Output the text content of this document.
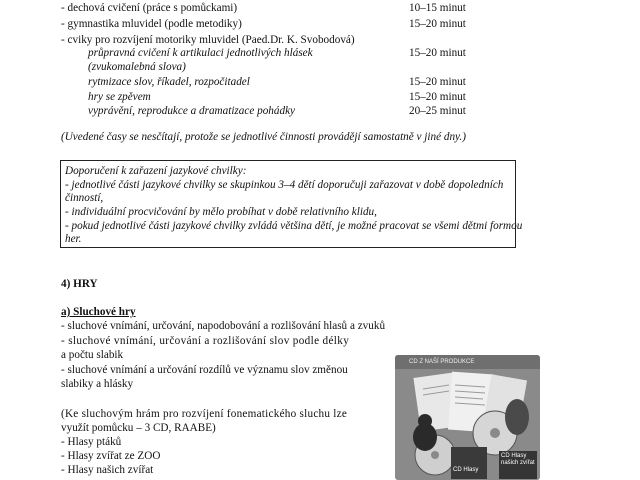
- dechová cvičení (práce s pomůckami)	10–15 minut
- gymnastika mluvidel (podle metodiky)	15–20 minut
- cviky pro rozvíjení motoriky mluvidel (Paed.Dr. K. Svobodová)
průpravná cvičení k artikulaci jednotlivých hlásek	15–20 minut
(zvukomalebná slova)
rytmizace slov, říkadel, rozpočitadel	15–20 minut
hry se zpěvem	15–20 minut
vyprávění, reprodukce a dramatizace pohádky	20–25 minut
(Uvedené časy se nesčítají, protože se jednotlivé činnosti provádějí samostatně v jiné dny.)
Doporučení k zařazení jazykové chvilky:
- jednotlivé části jazykové chvilky se skupinkou 3–4 dětí doporučuji zařazovat v době dopoledních
činností,
- individuální procvičování by mělo probíhat v době relativního klidu,
- pokud jednotlivé části jazykové chvilky zvládá většina dětí, je možné pracovat se všemi dětmi formou
her.
4) HRY
a) Sluchové hry
- sluchové vnímání, určování, napodobování a rozlišování hlasů a zvuků
- sluchové vnímání, určování a rozlišování slov podle délky
a počtu slabik
- sluchové vnímání a určování rozdílů ve významu slov změnou
slabiky a hlásky
(Ke sluchovým hrám pro rozvíjení fonematického sluchu lze
využít pomůcku – 3 CD, RAABE)
- Hlasy ptáků
- Hlasy zvířat ze ZOO
- Hlasy našich zvířat
CD Z NAŠÍ PRODUKCE
CD Hlasy našich zvířat
CD Hlasy
